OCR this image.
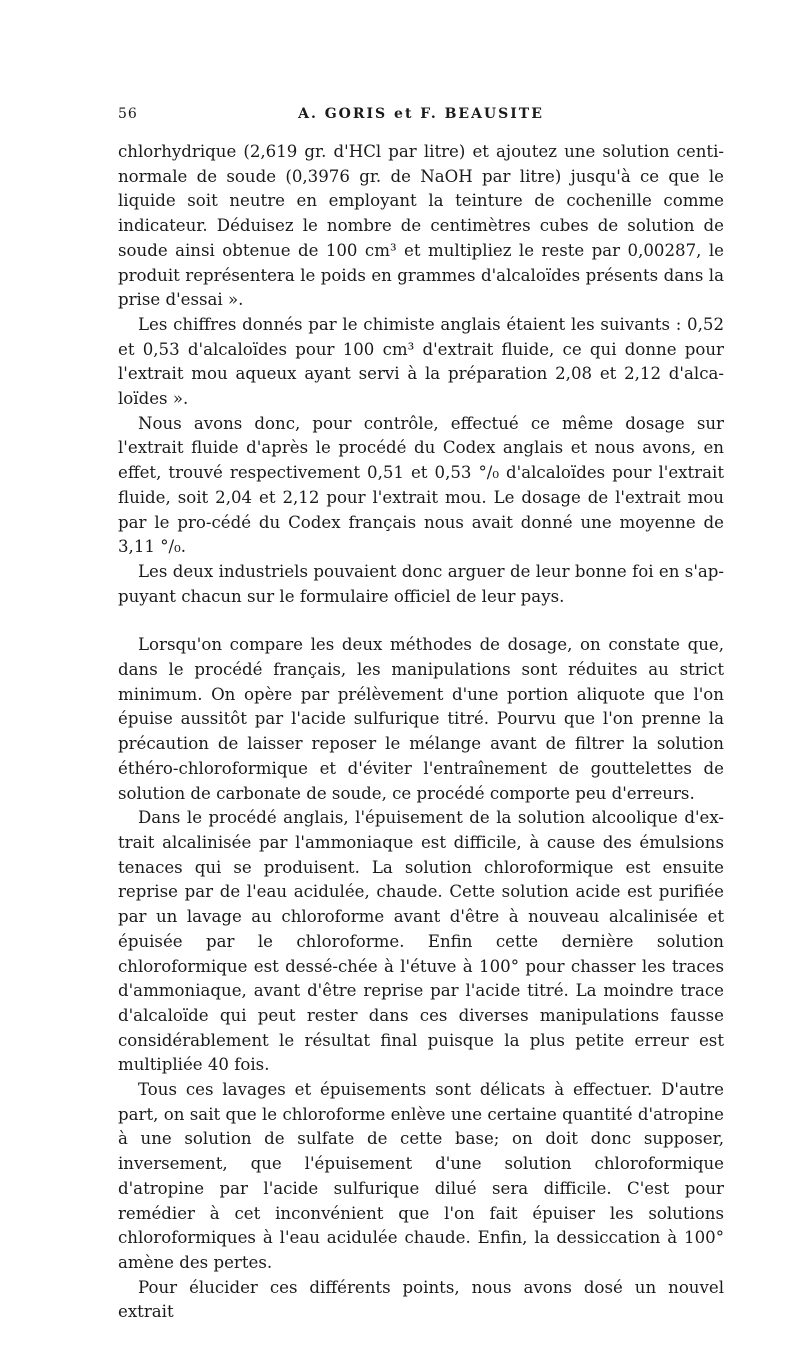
56	A. GORIS et F. BEAUSITE

chlorhydrique (2,619 gr. d'HCl par litre) et ajoutez une solution centi-normale de soude (0,3976 gr. de NaOH par litre) jusqu'à ce que le liquide soit neutre en employant la teinture de cochenille comme indicateur. Déduisez le nombre de centimètres cubes de solution de soude ainsi obtenue de 100 cm³ et multipliez le reste par 0,00287, le produit représentera le poids en grammes d'alcaloïdes présents dans la prise d'essai ».

Les chiffres donnés par le chimiste anglais étaient les suivants : 0,52 et 0,53 d'alcaloïdes pour 100 cm³ d'extrait fluide, ce qui donne pour l'extrait mou aqueux ayant servi à la préparation 2,08 et 2,12 d'alca-loïdes ».

Nous avons donc, pour contrôle, effectué ce même dosage sur l'extrait fluide d'après le procédé du Codex anglais et nous avons, en effet, trouvé respectivement 0,51 et 0,53 °/₀ d'alcaloïdes pour l'extrait fluide, soit 2,04 et 2,12 pour l'extrait mou. Le dosage de l'extrait mou par le pro-cédé du Codex français nous avait donné une moyenne de 3,11 °/₀.

Les deux industriels pouvaient donc arguer de leur bonne foi en s'ap-puyant chacun sur le formulaire officiel de leur pays.

Lorsqu'on compare les deux méthodes de dosage, on constate que, dans le procédé français, les manipulations sont réduites au strict minimum. On opère par prélèvement d'une portion aliquote que l'on épuise aussitôt par l'acide sulfurique titré. Pourvu que l'on prenne la précaution de laisser reposer le mélange avant de filtrer la solution éthéro-chloroformique et d'éviter l'entraînement de gouttelettes de solution de carbonate de soude, ce procédé comporte peu d'erreurs.

Dans le procédé anglais, l'épuisement de la solution alcoolique d'ex-trait alcalinisée par l'ammoniaque est difficile, à cause des émulsions tenaces qui se produisent. La solution chloroformique est ensuite reprise par de l'eau acidulée, chaude. Cette solution acide est purifiée par un lavage au chloroforme avant d'être à nouveau alcalinisée et épuisée par le chloroforme. Enfin cette dernière solution chloroformique est dessé-chée à l'étuve à 100° pour chasser les traces d'ammoniaque, avant d'être reprise par l'acide titré. La moindre trace d'alcaloïde qui peut rester dans ces diverses manipulations fausse considérablement le résultat final puisque la plus petite erreur est multipliée 40 fois.

Tous ces lavages et épuisements sont délicats à effectuer. D'autre part, on sait que le chloroforme enlève une certaine quantité d'atropine à une solution de sulfate de cette base; on doit donc supposer, inversement, que l'épuisement d'une solution chloroformique d'atropine par l'acide sulfurique dilué sera difficile. C'est pour remédier à cet inconvénient que l'on fait épuiser les solutions chloroformiques à l'eau acidulée chaude. Enfin, la dessiccation à 100° amène des pertes.

Pour élucider ces différents points, nous avons dosé un nouvel extrait
